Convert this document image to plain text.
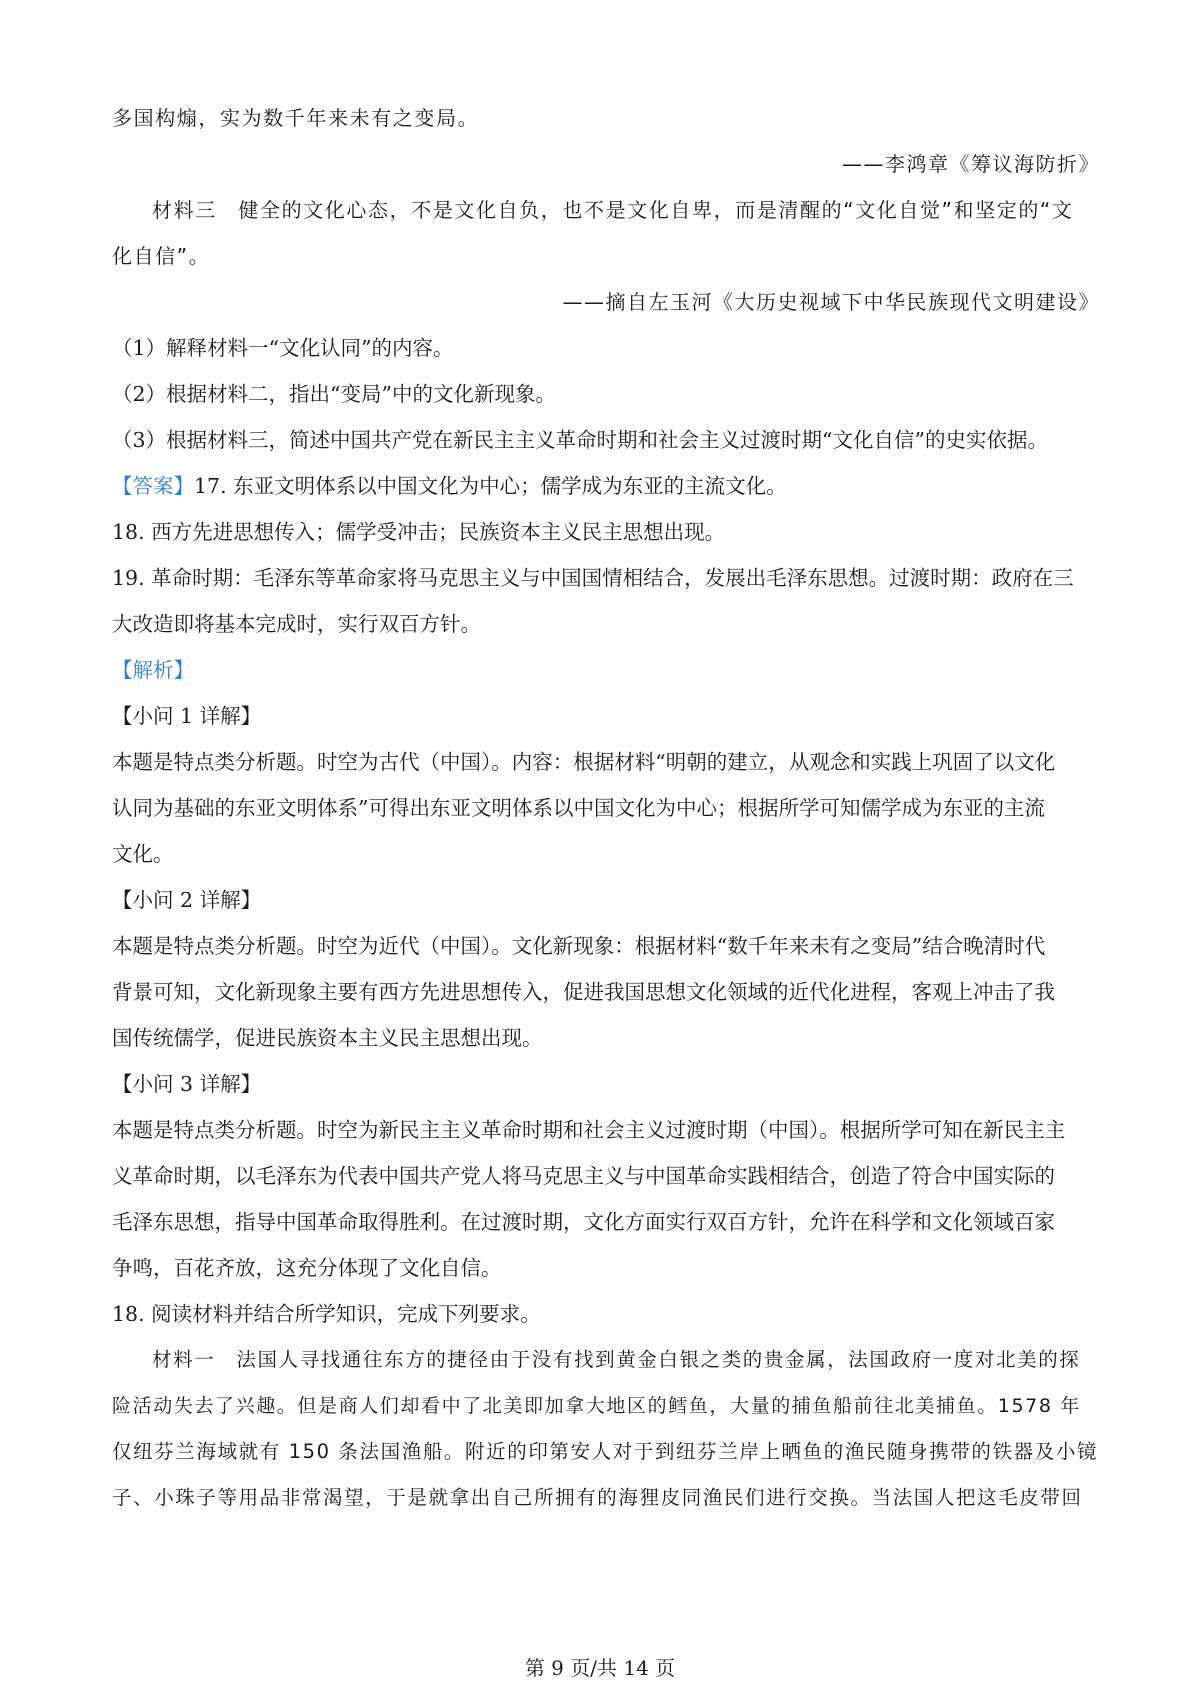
多国构煽，实为数千年来未有之变局。
——李鸿章《筹议海防折》
材料三　健全的文化心态，不是文化自负，也不是文化自卑，而是清醒的“文化自觉”和坚定的“文
化自信”。
——摘自左玉河《大历史视域下中华民族现代文明建设》
（1）解释材料一“文化认同”的内容。
（2）根据材料二，指出“变局”中的文化新现象。
（3）根据材料三，简述中国共产党在新民主主义革命时期和社会主义过渡时期“文化自信”的史实依据。
【答案】17. 东亚文明体系以中国文化为中心；儒学成为东亚的主流文化。
18. 西方先进思想传入；儒学受冲击；民族资本主义民主思想出现。
19. 革命时期：毛泽东等革命家将马克思主义与中国国情相结合，发展出毛泽东思想。过渡时期：政府在三
大改造即将基本完成时，实行双百方针。
【解析】
【小问 1 详解】
本题是特点类分析题。时空为古代（中国）。内容：根据材料“明朝的建立，从观念和实践上巩固了以文化
认同为基础的东亚文明体系”可得出东亚文明体系以中国文化为中心；根据所学可知儒学成为东亚的主流
文化。
【小问 2 详解】
本题是特点类分析题。时空为近代（中国）。文化新现象：根据材料“数千年来未有之变局”结合晚清时代
背景可知，文化新现象主要有西方先进思想传入，促进我国思想文化领域的近代化进程，客观上冲击了我
国传统儒学，促进民族资本主义民主思想出现。
【小问 3 详解】
本题是特点类分析题。时空为新民主主义革命时期和社会主义过渡时期（中国）。根据所学可知在新民主主
义革命时期，以毛泽东为代表中国共产党人将马克思主义与中国革命实践相结合，创造了符合中国实际的
毛泽东思想，指导中国革命取得胜利。在过渡时期，文化方面实行双百方针，允许在科学和文化领域百家
争鸣，百花齐放，这充分体现了文化自信。
18. 阅读材料并结合所学知识，完成下列要求。
材料一　法国人寻找通往东方的捷径由于没有找到黄金白银之类的贵金属，法国政府一度对北美的探
险活动失去了兴趣。但是商人们却看中了北美即加拿大地区的鳕鱼，大量的捕鱼船前往北美捕鱼。1578 年
仅纽芬兰海域就有 150 条法国渔船。附近的印第安人对于到纽芬兰岸上晒鱼的渔民随身携带的铁器及小镜
子、小珠子等用品非常渴望，于是就拿出自己所拥有的海狸皮同渔民们进行交换。当法国人把这毛皮带回
第 9 页/共 14 页
